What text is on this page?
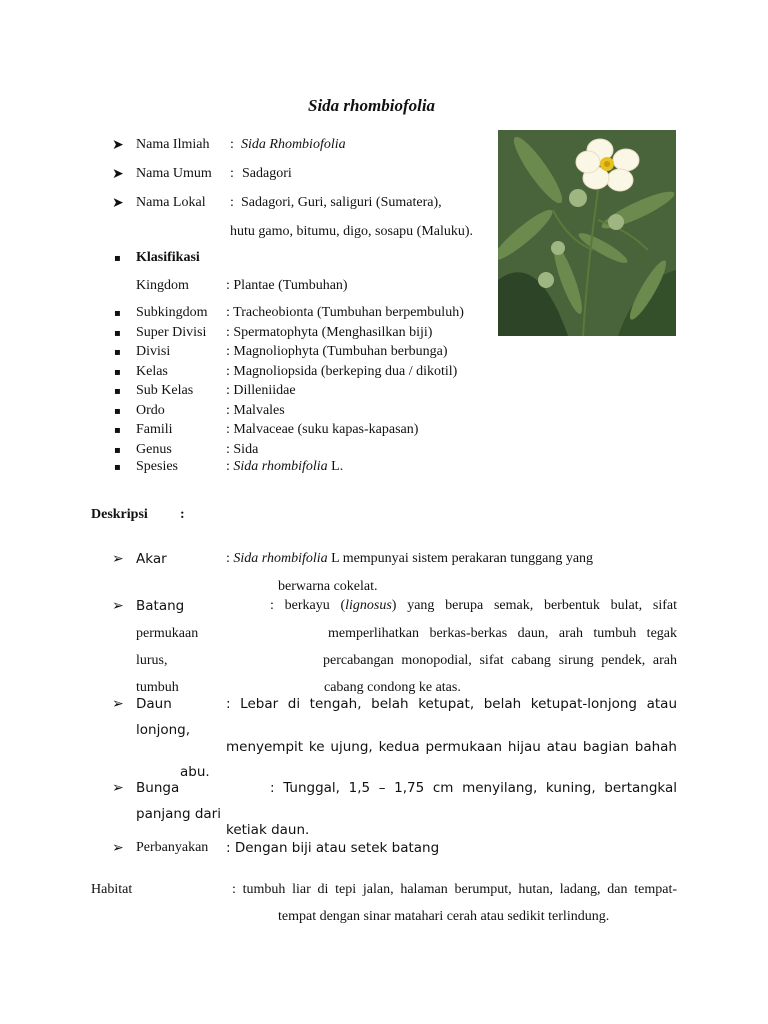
Sida rhombiofolia
➤ Nama Ilmiah : Sida Rhombiofolia
➤ Nama Umum : Sadagori
➤ Nama Lokal : Sadagori, Guri, saliguri (Sumatera),
hutu gamo, bitumu, digo, sosapu (Maluku).
▪ Klasifikasi
Kingdom	: Plantae (Tumbuhan)
▪ Subkingdom : Tracheobionta (Tumbuhan berpembuluh)
▪ Super Divisi : Spermatophyta (Menghasilkan biji)
▪ Divisi	: Magnoliophyta (Tumbuhan berbunga)
▪ Kelas	: Magnoliopsida (berkeping dua / dikotil)
▪ Sub Kelas : Dilleniidae
▪ Ordo	: Malvales
▪ Famili	: Malvaceae (suku kapas-kapasan)
▪ Genus	: Sida
▪ Spesies	: Sida rhombifolia L.
Deskripsi :
➢ Akar	: Sida rhombifolia L mempunyai sistem perakaran tunggang yang
berwarna cokelat.
➢ Batang	: berkayu (lignosus) yang berupa semak, berbentuk bulat, sifat
permukaan	memperlihatkan berkas-berkas daun, arah tumbuh tegak
lurus,	percabangan monopodial, sifat cabang sirung pendek, arah
tumbuh	cabang condong ke atas.
➢ Daun	: Lebar di tengah, belah ketupat, belah ketupat-lonjong atau
lonjong,
menyempit ke ujung, kedua permukaan hijau atau bagian bahah
abu.
➢ Bunga	: Tunggal, 1,5 – 1,75 cm menyilang, kuning, bertangkal
panjang dari
ketiak daun.
➢ Perbanyakan : Dengan biji atau setek batang
Habitat	: tumbuh liar di tepi jalan, halaman berumput, hutan, ladang, dan tempat-
tempat dengan sinar matahari cerah atau sedikit terlindung.
